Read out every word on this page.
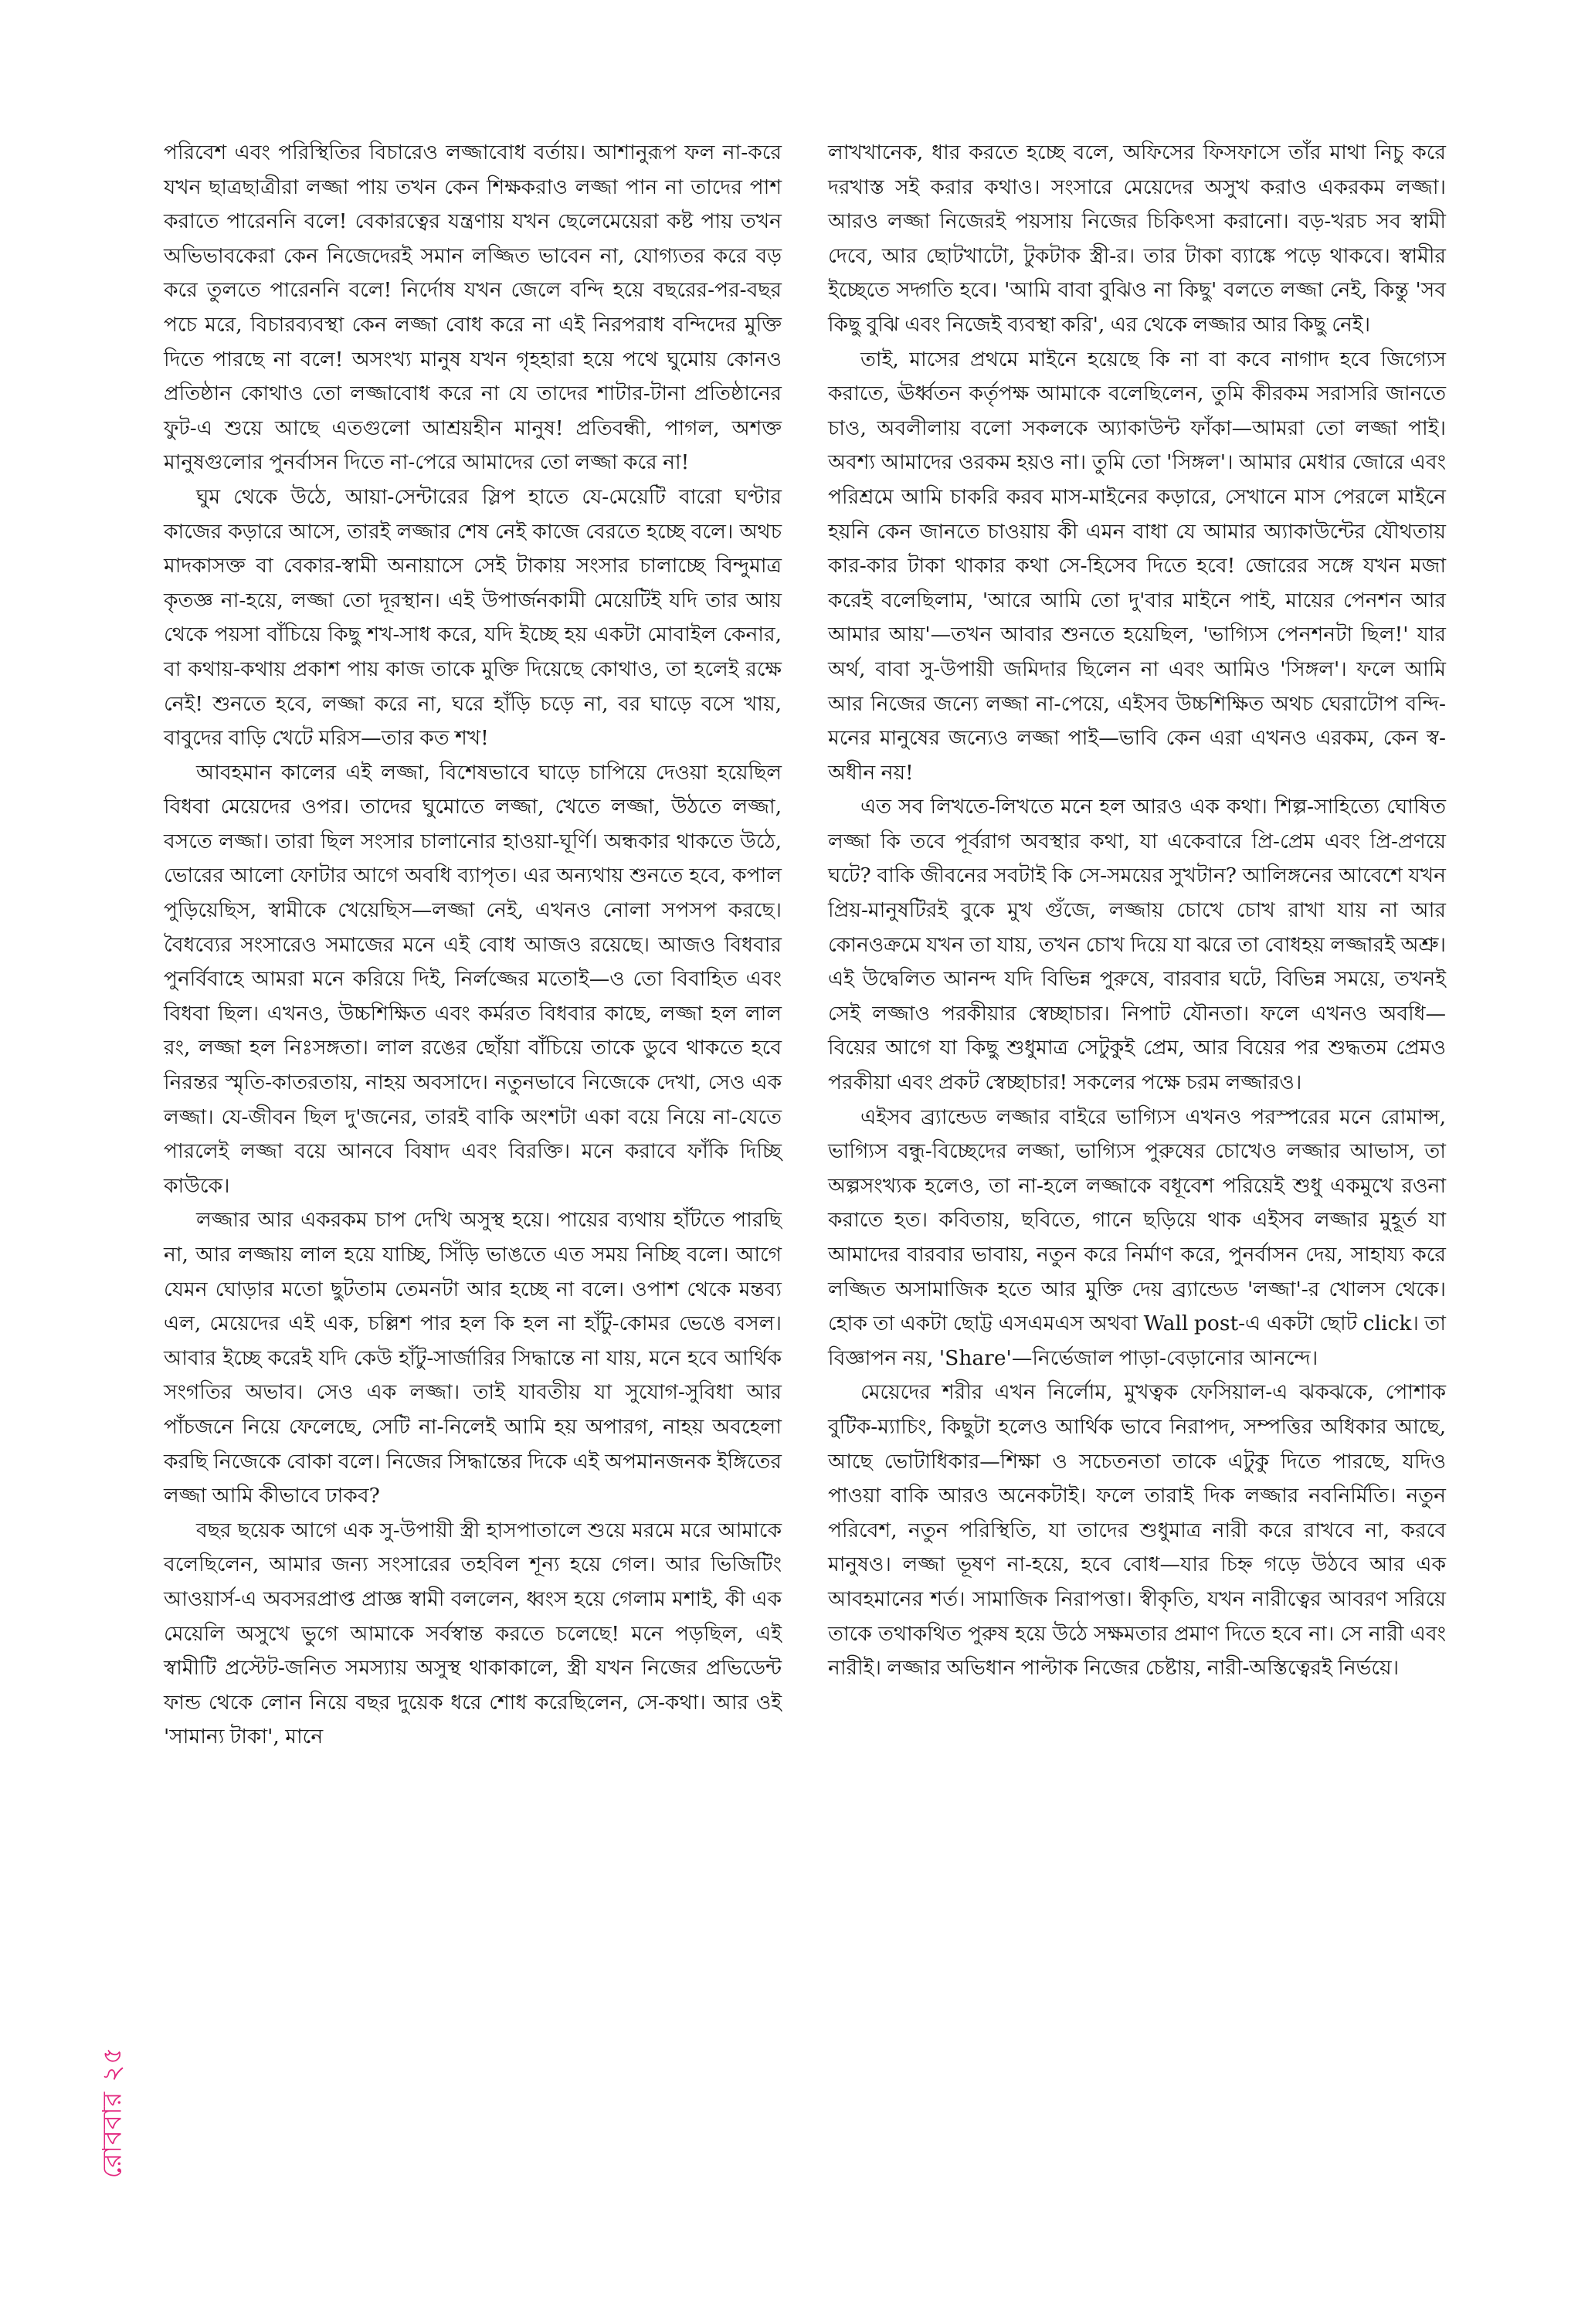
পরিবেশ এবং পরিস্থিতির বিচারেও লজ্জাবোধ বর্তায়। আশানুরূপ ফল না-করে যখন ছাত্রছাত্রীরা লজ্জা পায় তখন কেন শিক্ষকরাও লজ্জা পান না তাদের পাশ করাতে পারেননি বলে! বেকারত্বের যন্ত্রণায় যখন ছেলেমেয়েরা কষ্ট পায় তখন অভিভাবকেরা কেন নিজেদেরই সমান লজ্জিত ভাবেন না, যোগ্যতর করে বড় করে তুলতে পারেননি বলে! নির্দোষ যখন জেলে বন্দি হয়ে বছরের-পর-বছর পচে মরে, বিচারব্যবস্থা কেন লজ্জা বোধ করে না এই নিরপরাধ বন্দিদের মুক্তি দিতে পারছে না বলে! অসংখ্য মানুষ যখন গৃহহারা হয়ে পথে ঘুমোয় কোনও প্রতিষ্ঠান কোথাও তো লজ্জাবোধ করে না যে তাদের শাটার-টানা প্রতিষ্ঠানের ফুট-এ শুয়ে আছে এতগুলো আশ্রয়হীন মানুষ! প্রতিবন্ধী, পাগল, অশক্ত মানুষগুলোর পুনর্বাসন দিতে না-পেরে আমাদের তো লজ্জা করে না!

ঘুম থেকে উঠে, আয়া-সেন্টারের স্লিপ হাতে যে-মেয়েটি বারো ঘণ্টার কাজের কড়ারে আসে, তারই লজ্জার শেষ নেই কাজে বেরতে হচ্ছে বলে। অথচ মাদকাসক্ত বা বেকার-স্বামী অনায়াসে সেই টাকায় সংসার চালাচ্ছে বিন্দুমাত্র কৃতজ্ঞ না-হয়ে, লজ্জা তো দূরস্থান। এই উপার্জনকামী মেয়েটিই যদি তার আয় থেকে পয়সা বাঁচিয়ে কিছু শখ-সাধ করে, যদি ইচ্ছে হয় একটা মোবাইল কেনার, বা কথায়-কথায় প্রকাশ পায় কাজ তাকে মুক্তি দিয়েছে কোথাও, তা হলেই রক্ষে নেই! শুনতে হবে, লজ্জা করে না, ঘরে হাঁড়ি চড়ে না, বর ঘাড়ে বসে খায়, বাবুদের বাড়ি খেটে মরিস—তার কত শখ!

আবহমান কালের এই লজ্জা, বিশেষভাবে ঘাড়ে চাপিয়ে দেওয়া হয়েছিল বিধবা মেয়েদের ওপর। তাদের ঘুমোতে লজ্জা, খেতে লজ্জা, উঠতে লজ্জা, বসতে লজ্জা। তারা ছিল সংসার চালানোর হাওয়া-ঘূর্ণি। অন্ধকার থাকতে উঠে, ভোরের আলো ফোটার আগে অবধি ব্যাপৃত। এর অন্যথায় শুনতে হবে, কপাল পুড়িয়েছিস, স্বামীকে খেয়েছিস—লজ্জা নেই, এখনও নোলা সপসপ করছে। বৈধব্যের সংসারেও সমাজের মনে এই বোধ আজও রয়েছে। আজও বিধবার পুনর্বিবাহে আমরা মনে করিয়ে দিই, নির্লজ্জের মতোই—ও তো বিবাহিত এবং বিধবা ছিল। এখনও, উচ্চশিক্ষিত এবং কর্মরত বিধবার কাছে, লজ্জা হল লাল রং, লজ্জা হল নিঃসঙ্গতা। লাল রঙের ছোঁয়া বাঁচিয়ে তাকে ডুবে থাকতে হবে নিরন্তর স্মৃতি-কাতরতায়, নাহয় অবসাদে। নতুনভাবে নিজেকে দেখা, সেও এক লজ্জা। যে-জীবন ছিল দু'জনের, তারই বাকি অংশটা একা বয়ে নিয়ে না-যেতে পারলেই লজ্জা বয়ে আনবে বিষাদ এবং বিরক্তি। মনে করাবে ফাঁকি দিচ্ছি কাউকে।

লজ্জার আর একরকম চাপ দেখি অসুস্থ হয়ে। পায়ের ব্যথায় হাঁটতে পারছি না, আর লজ্জায় লাল হয়ে যাচ্ছি, সিঁড়ি ভাঙতে এত সময় নিচ্ছি বলে। আগে যেমন ঘোড়ার মতো ছুটতাম তেমনটা আর হচ্ছে না বলে। ওপাশ থেকে মন্তব্য এল, মেয়েদের এই এক, চল্লিশ পার হল কি হল না হাঁটু-কোমর ভেঙে বসল। আবার ইচ্ছে করেই যদি কেউ হাঁটু-সার্জারির সিদ্ধান্তে না যায়, মনে হবে আর্থিক সংগতির অভাব। সেও এক লজ্জা। তাই যাবতীয় যা সুযোগ-সুবিধা আর পাঁচজনে নিয়ে ফেলেছে, সেটি না-নিলেই আমি হয় অপারগ, নাহয় অবহেলা করছি নিজেকে বোকা বলে। নিজের সিদ্ধান্তের দিকে এই অপমানজনক ইঙ্গিতের লজ্জা আমি কীভাবে ঢাকব?

বছর ছয়েক আগে এক সু-উপায়ী স্ত্রী হাসপাতালে শুয়ে মরমে মরে আমাকে বলেছিলেন, আমার জন্য সংসারের তহবিল শূন্য হয়ে গেল। আর ভিজিটিং আওয়ার্স-এ অবসরপ্রাপ্ত প্রাজ্ঞ স্বামী বললেন, ধ্বংস হয়ে গেলাম মশাই, কী এক মেয়েলি অসুখে ভুগে আমাকে সর্বস্বান্ত করতে চলেছে! মনে পড়ছিল, এই স্বামীটি প্রস্টেট-জনিত সমস্যায় অসুস্থ থাকাকালে, স্ত্রী যখন নিজের প্রভিডেন্ট ফান্ড থেকে লোন নিয়ে বছর দুয়েক ধরে শোধ করেছিলেন, সে-কথা। আর ওই 'সামান্য টাকা', মানে

লাখখানেক, ধার করতে হচ্ছে বলে, অফিসের ফিসফাসে তাঁর মাথা নিচু করে দরখাস্ত সই করার কথাও। সংসারে মেয়েদের অসুখ করাও একরকম লজ্জা। আরও লজ্জা নিজেরই পয়সায় নিজের চিকিৎসা করানো। বড়-খরচ সব স্বামী দেবে, আর ছোটখাটো, টুকটাক স্ত্রী-র। তার টাকা ব্যাঙ্কে পড়ে থাকবে। স্বামীর ইচ্ছেতে সদ্গতি হবে। 'আমি বাবা বুঝিও না কিছু' বলতে লজ্জা নেই, কিন্তু 'সব কিছু বুঝি এবং নিজেই ব্যবস্থা করি', এর থেকে লজ্জার আর কিছু নেই।

তাই, মাসের প্রথমে মাইনে হয়েছে কি না বা কবে নাগাদ হবে জিগ্যেস করাতে, ঊর্ধ্বতন কর্তৃপক্ষ আমাকে বলেছিলেন, তুমি কীরকম সরাসরি জানতে চাও, অবলীলায় বলো সকলকে অ্যাকাউন্ট ফাঁকা—আমরা তো লজ্জা পাই। অবশ্য আমাদের ওরকম হয়ও না। তুমি তো 'সিঙ্গল'। আমার মেধার জোরে এবং পরিশ্রমে আমি চাকরি করব মাস-মাইনের কড়ারে, সেখানে মাস পেরলে মাইনে হয়নি কেন জানতে চাওয়ায় কী এমন বাধা যে আমার অ্যাকাউন্টের যৌথতায় কার-কার টাকা থাকার কথা সে-হিসেব দিতে হবে! জোরের সঙ্গে যখন মজা করেই বলেছিলাম, 'আরে আমি তো দু'বার মাইনে পাই, মায়ের পেনশন আর আমার আয়'—তখন আবার শুনতে হয়েছিল, 'ভাগ্যিস পেনশনটা ছিল!' যার অর্থ, বাবা সু-উপায়ী জমিদার ছিলেন না এবং আমিও 'সিঙ্গল'। ফলে আমি আর নিজের জন্যে লজ্জা না-পেয়ে, এইসব উচ্চশিক্ষিত অথচ ঘেরাটোপ বন্দি-মনের মানুষের জন্যেও লজ্জা পাই—ভাবি কেন এরা এখনও এরকম, কেন স্ব-অধীন নয়!

এত সব লিখতে-লিখতে মনে হল আরও এক কথা। শিল্প-সাহিত্যে ঘোষিত লজ্জা কি তবে পূর্বরাগ অবস্থার কথা, যা একেবারে প্রি-প্রেম এবং প্রি-প্রণয়ে ঘটে? বাকি জীবনের সবটাই কি সে-সময়ের সুখটান? আলিঙ্গনের আবেশে যখন প্রিয়-মানুষটিরই বুকে মুখ গুঁজে, লজ্জায় চোখে চোখ রাখা যায় না আর কোনওক্রমে যখন তা যায়, তখন চোখ দিয়ে যা ঝরে তা বোধহয় লজ্জারই অশ্রু। এই উদ্বেলিত আনন্দ যদি বিভিন্ন পুরুষে, বারবার ঘটে, বিভিন্ন সময়ে, তখনই সেই লজ্জাও পরকীয়ার স্বেচ্ছাচার। নিপাট যৌনতা। ফলে এখনও অবধি—বিয়ের আগে যা কিছু শুধুমাত্র সেটুকুই প্রেম, আর বিয়ের পর শুদ্ধতম প্রেমও পরকীয়া এবং প্রকট স্বেচ্ছাচার! সকলের পক্ষে চরম লজ্জারও।

এইসব ব্র্যান্ডেড লজ্জার বাইরে ভাগ্যিস এখনও পরস্পরের মনে রোমান্স, ভাগ্যিস বন্ধু-বিচ্ছেদের লজ্জা, ভাগ্যিস পুরুষের চোখেও লজ্জার আভাস, তা অল্পসংখ্যক হলেও, তা না-হলে লজ্জাকে বধূবেশ পরিয়েই শুধু একমুখে রওনা করাতে হত। কবিতায়, ছবিতে, গানে ছড়িয়ে থাক এইসব লজ্জার মুহূর্ত যা আমাদের বারবার ভাবায়, নতুন করে নির্মাণ করে, পুনর্বাসন দেয়, সাহায্য করে লজ্জিত অসামাজিক হতে আর মুক্তি দেয় ব্র্যান্ডেড 'লজ্জা'-র খোলস থেকে। হোক তা একটা ছোট্ট এসএমএস অথবা Wall post-এ একটা ছোট click। তা বিজ্ঞাপন নয়, 'Share'—নির্ভেজাল পাড়া-বেড়ানোর আনন্দে।

মেয়েদের শরীর এখন নির্লোম, মুখত্বক ফেসিয়াল-এ ঝকঝকে, পোশাক বুটিক-ম্যাচিং, কিছুটা হলেও আর্থিক ভাবে নিরাপদ, সম্পত্তির অধিকার আছে, আছে ভোটাধিকার—শিক্ষা ও সচেতনতা তাকে এটুকু দিতে পারছে, যদিও পাওয়া বাকি আরও অনেকটাই। ফলে তারাই দিক লজ্জার নবনির্মিতি। নতুন পরিবেশ, নতুন পরিস্থিতি, যা তাদের শুধুমাত্র নারী করে রাখবে না, করবে মানুষও। লজ্জা ভূষণ না-হয়ে, হবে বোধ—যার চিহ্ন গড়ে উঠবে আর এক আবহমানের শর্ত। সামাজিক নিরাপত্তা। স্বীকৃতি, যখন নারীত্বের আবরণ সরিয়ে তাকে তথাকথিত পুরুষ হয়ে উঠে সক্ষমতার প্রমাণ দিতে হবে না। সে নারী এবং নারীই। লজ্জার অভিধান পাল্টাক নিজের চেষ্টায়, নারী-অস্তিত্বেরই নির্ভয়ে।

রোববার ২৫
